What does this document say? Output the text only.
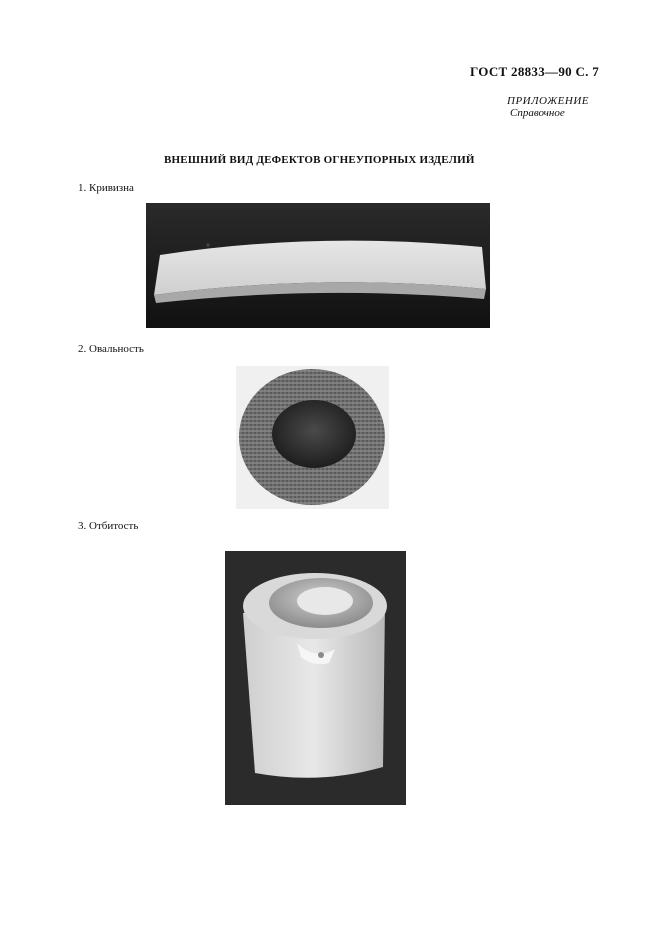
ГОСТ 28833—90 С. 7
ПРИЛОЖЕНИЕ
Справочное
ВНЕШНИЙ ВИД ДЕФЕКТОВ ОГНЕУПОРНЫХ ИЗДЕЛИЙ
1. Кривизна
2. Овальность
3. Отбитость
